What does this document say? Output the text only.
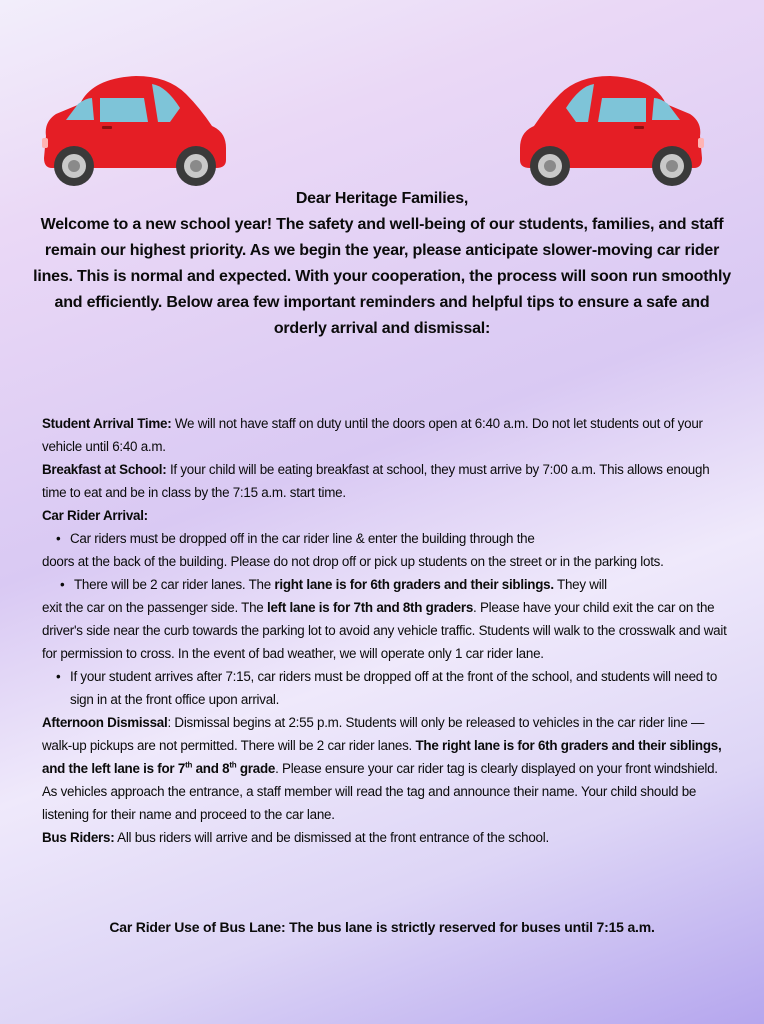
Dear Heritage Families,
Welcome to a new school year! The safety and well-being of our students, families, and staff remain our highest priority. As we begin the year, please anticipate slower-moving car rider lines. This is normal and expected. With your cooperation, the process will soon run smoothly and efficiently. Below area few important reminders and helpful tips to ensure a safe and orderly arrival and dismissal:

Student Arrival Time: We will not have staff on duty until the doors open at 6:40 a.m. Do not let students out of your vehicle until 6:40 a.m.

Breakfast at School: If your child will be eating breakfast at school, they must arrive by 7:00 a.m. This allows enough time to eat and be in class by the 7:15 a.m. start time.

Car Rider Arrival:

• Car riders must be dropped off in the car rider line & enter the building through the

doors at the back of the building. Please do not drop off or pick up students on the street or in the parking lots.

• There will be 2 car rider lanes. The right lane is for 6th graders and their siblings. They will

exit the car on the passenger side. The left lane is for 7th and 8th graders. Please have your child exit the car on the driver's side near the curb towards the parking lot to avoid any vehicle traffic. Students will walk to the crosswalk and wait for permission to cross. In the event of bad weather, we will operate only 1 car rider lane.

• If your student arrives after 7:15, car riders must be dropped off at the front of the school, and students will need to sign in at the front office upon arrival.

Afternoon Dismissal: Dismissal begins at 2:55 p.m. Students will only be released to vehicles in the car rider line — walk-up pickups are not permitted. There will be 2 car rider lanes. The right lane is for 6th graders and their siblings, and the left lane is for 7th and 8th grade. Please ensure your car rider tag is clearly displayed on your front windshield. As vehicles approach the entrance, a staff member will read the tag and announce their name. Your child should be listening for their name and proceed to the car lane.

Bus Riders: All bus riders will arrive and be dismissed at the front entrance of the school.

Car Rider Use of Bus Lane: The bus lane is strictly reserved for buses until 7:15 a.m.
